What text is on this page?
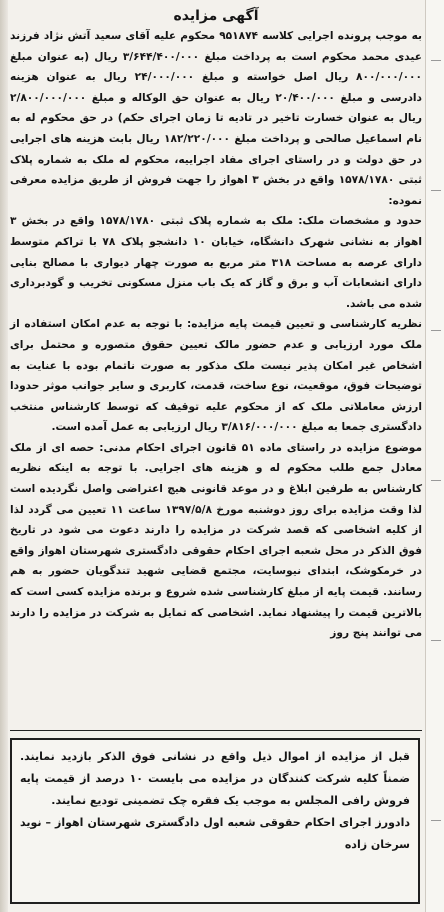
آگهی مزایده

به موجب پرونده اجرایی کلاسه ۹۵۱۸۷۴ محکوم علیه آقای سعید آتش نژاد فرزند عیدی محمد محکوم است به پرداخت مبلغ ۳/۶۴۴/۴۰۰/۰۰۰ ریال (به عنوان مبلغ ۸۰۰/۰۰۰/۰۰۰ ریال اصل خواسته و مبلغ ۲۴/۰۰۰/۰۰۰ ریال به عنوان هزینه دادرسی و مبلغ ۲۰/۴۰۰/۰۰۰ ریال به عنوان حق الوکاله و مبلغ ۲/۸۰۰/۰۰۰/۰۰۰ ریال به عنوان خسارت تاخیر در تادیه تا زمان اجرای حکم) در حق محکوم له به نام اسماعیل صالحی و پرداخت مبلغ ۱۸۲/۲۲۰/۰۰۰ ریال بابت هزینه های اجرایی در حق دولت و در راستای اجرای مفاد اجراییه، محکوم له ملک به شماره پلاک ثبتی ۱۵۷۸/۱۷۸۰ واقع در بخش ۳ اهواز را جهت فروش از طریق مزایده معرفی نموده:

حدود و مشخصات ملک: ملک به شماره پلاک ثبتی ۱۵۷۸/۱۷۸۰ واقع در بخش ۳ اهواز به نشانی شهرک دانشگاه، خیابان ۱۰ دانشجو پلاک ۷۸ با تراکم متوسط دارای عرصه به مساحت ۳۱۸ متر مربع به صورت چهار دیواری با مصالح بنایی دارای انشعابات آب و برق و گاز که یک باب منزل مسکونی تخریب و گودبرداری شده می باشد.

نظریه کارشناسی و تعیین قیمت پایه مزایده: با توجه به عدم امکان استفاده از ملک مورد ارزیابی و عدم حضور مالک تعیین حقوق متصوره و محتمل برای اشخاص غیر امکان پذیر نیست ملک مذکور به صورت ناتمام بوده با عنایت به توضیحات فوق، موقعیت، نوع ساخت، قدمت، کاربری و سایر جوانب موثر حدودا ارزش معاملاتی ملک که از محکوم علیه توقیف که توسط کارشناس منتخب دادگستری جمعا به مبلغ ۳/۸۱۶/۰۰۰/۰۰۰ ریال ارزیابی به عمل آمده است.

موضوع مزایده در راستای ماده ۵۱ قانون اجرای احکام مدنی: حصه ای از ملک معادل جمع طلب محکوم له و هزینه های اجرایی. با توجه به اینکه نظریه کارشناس به طرفین ابلاغ و در موعد قانونی هیچ اعتراضی واصل نگردیده است لذا وقت مزایده برای روز دوشنبه مورخ ۱۳۹۷/۵/۸ ساعت ۱۱ تعیین می گردد لذا از کلیه اشخاصی که قصد شرکت در مزایده را دارند دعوت می شود در تاریخ فوق الذکر در محل شعبه اجرای احکام حقوقی دادگستری شهرستان اهواز واقع در خرمکوشک، ابتدای نیوسایت، مجتمع قضایی شهید تندگویان حضور به هم رسانند. قیمت پایه از مبلغ کارشناسی شده شروع و برنده مزایده کسی است که بالاترین قیمت را پیشنهاد نماید. اشخاصی که تمایل به شرکت در مزایده را دارند می توانند پنج روز

قبل از مزایده از اموال ذیل واقع در نشانی فوق الذکر بازدید نمایند. ضمناً کلیه شرکت کنندگان در مزایده می بایست ۱۰ درصد از قیمت پایه فروش رافی المجلس به موجب یک فقره چک تضمینی تودیع نمایند.

دادورز اجرای احکام حقوقی شعبه اول دادگستری شهرستان اهواز – نوید سرخان زاده
